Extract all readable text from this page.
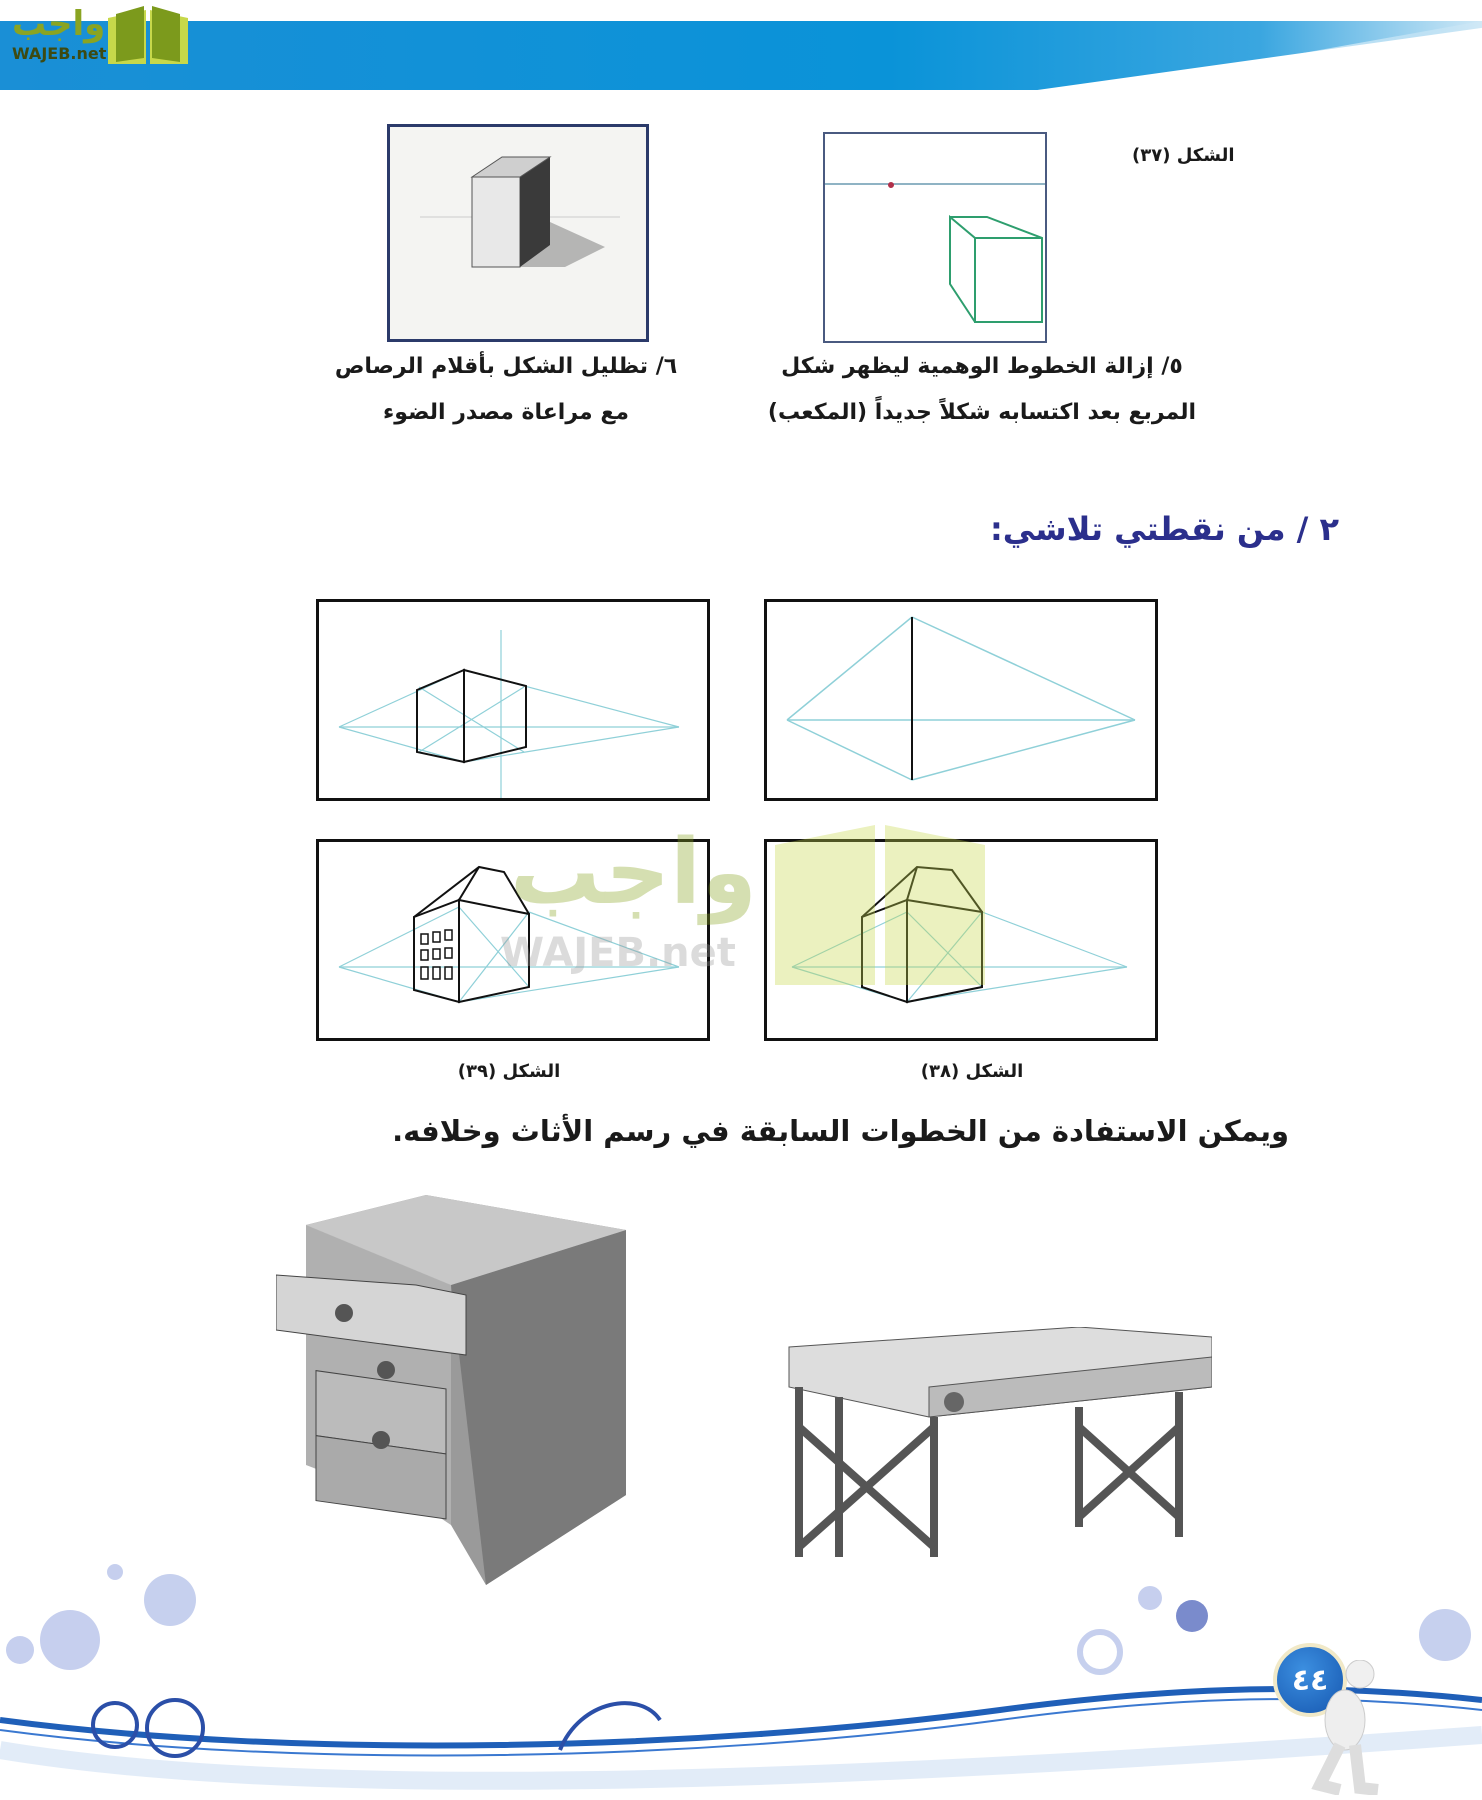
واجب
WAJEB.net
الشكل (٣٧)
٥/ إزالة الخطوط الوهمية ليظهر شكل
المربع بعد اكتسابه شكلاً جديداً (المكعب)
٦/ تظليل الشكل بأقلام الرصاص
مع مراعاة مصدر الضوء
٢ / من نقطتي تلاشي:
واجب
WAJEB.net
الشكل (٣٩)	الشكل (٣٨)
ويمكن الاستفادة من الخطوات السابقة في رسم الأثاث وخلافه.
٤٤
